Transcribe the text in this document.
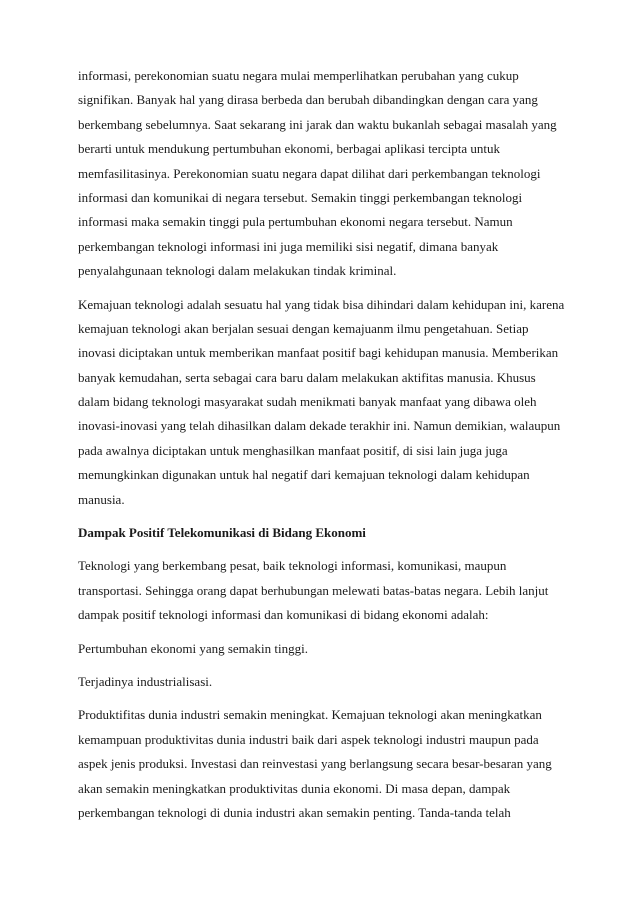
informasi, perekonomian suatu negara mulai memperlihatkan perubahan yang cukup
signifikan. Banyak hal yang dirasa berbeda dan berubah dibandingkan dengan cara yang
berkembang sebelumnya. Saat sekarang ini jarak dan waktu bukanlah sebagai masalah yang
berarti untuk mendukung pertumbuhan ekonomi, berbagai aplikasi tercipta untuk
memfasilitasinya. Perekonomian suatu negara dapat dilihat dari perkembangan teknologi
informasi dan komunikai di negara tersebut. Semakin tinggi perkembangan teknologi
informasi maka semakin tinggi pula pertumbuhan ekonomi negara tersebut. Namun
perkembangan teknologi informasi ini juga memiliki sisi negatif, dimana banyak
penyalahgunaan teknologi dalam melakukan tindak kriminal.
Kemajuan teknologi adalah sesuatu hal yang tidak bisa dihindari dalam kehidupan ini, karena
kemajuan teknologi akan berjalan sesuai dengan kemajuanm ilmu pengetahuan. Setiap
inovasi diciptakan untuk memberikan manfaat positif bagi kehidupan manusia. Memberikan
banyak kemudahan, serta sebagai cara baru dalam melakukan aktifitas manusia. Khusus
dalam bidang teknologi masyarakat sudah menikmati banyak manfaat yang dibawa oleh
inovasi-inovasi yang telah dihasilkan dalam dekade terakhir ini. Namun demikian, walaupun
pada awalnya diciptakan untuk menghasilkan manfaat positif, di sisi lain juga juga
memungkinkan digunakan untuk hal negatif dari kemajuan teknologi dalam kehidupan
manusia.
Dampak Positif Telekomunikasi di Bidang Ekonomi
Teknologi yang berkembang pesat, baik teknologi informasi, komunikasi, maupun
transportasi. Sehingga orang dapat berhubungan melewati batas-batas negara. Lebih lanjut
dampak positif teknologi informasi dan komunikasi di bidang ekonomi adalah:
Pertumbuhan ekonomi yang semakin tinggi.
Terjadinya industrialisasi.
Produktifitas dunia industri semakin meningkat. Kemajuan teknologi akan meningkatkan
kemampuan produktivitas dunia industri baik dari aspek teknologi industri maupun pada
aspek jenis produksi. Investasi dan reinvestasi yang berlangsung secara besar-besaran yang
akan semakin meningkatkan produktivitas dunia ekonomi. Di masa depan, dampak
perkembangan teknologi di dunia industri akan semakin penting. Tanda-tanda telah
